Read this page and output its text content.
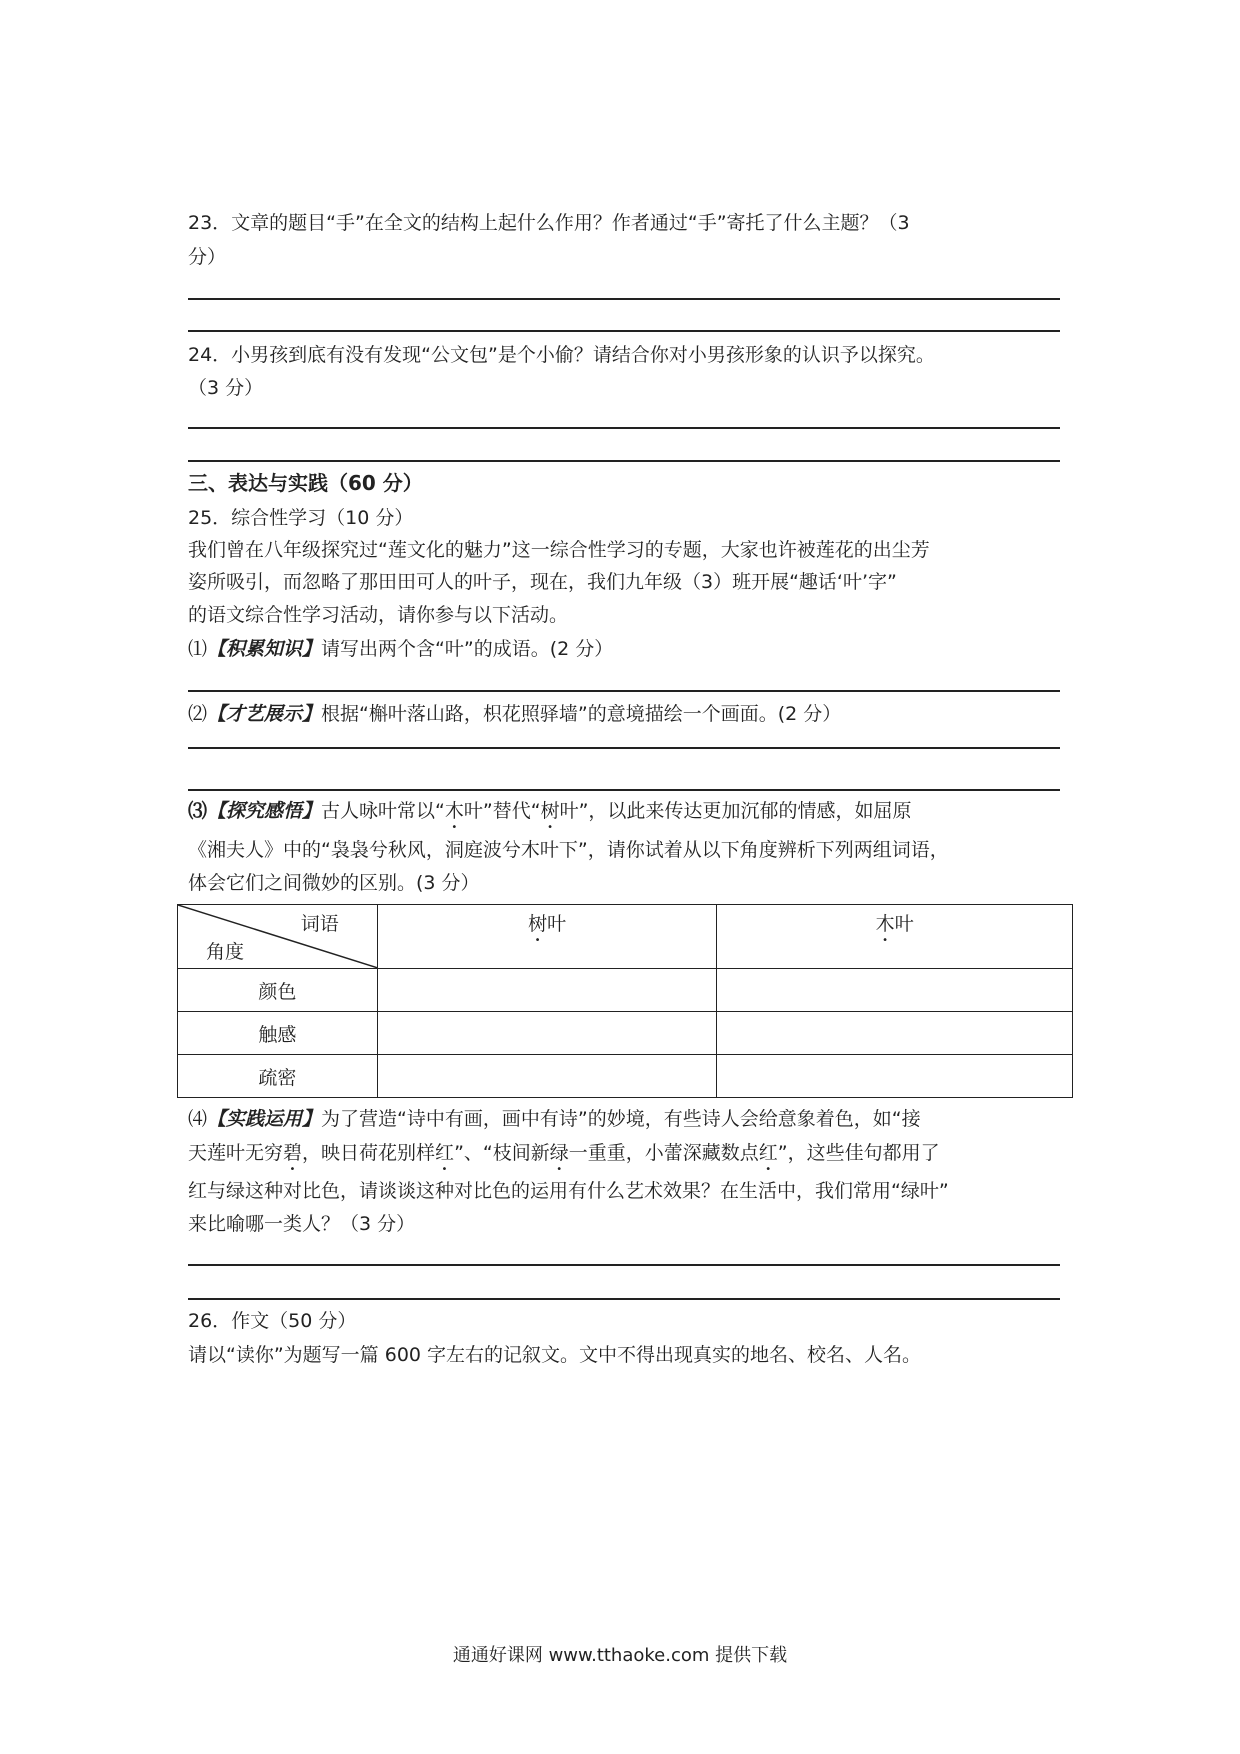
23．文章的题目“手”在全文的结构上起什么作用？作者通过“手”寄托了什么主题？（3
分）
24．小男孩到底有没有发现“公文包”是个小偷？请结合你对小男孩形象的认识予以探究。
（3 分）
三、表达与实践（60 分）
25．综合性学习（10 分）
我们曾在八年级探究过“莲文化的魅力”这一综合性学习的专题，大家也许被莲花的出尘芳
姿所吸引，而忽略了那田田可人的叶子，现在，我们九年级（3）班开展“趣话‘叶’字”
的语文综合性学习活动，请你参与以下活动。
⑴【积累知识】请写出两个含“叶”的成语。(2 分）
⑵【才艺展示】根据“槲叶落山路，枳花照驿墙”的意境描绘一个画面。(2 分）
⑶【探究感悟】古人咏叶常以“木叶”替代“树叶”，以此来传达更加沉郁的情感，如屈原
《湘夫人》中的“袅袅兮秋风，洞庭波兮木叶下”，请你试着从以下角度辨析下列两组词语，
体会它们之间微妙的区别。(3 分）
词语
角度	树叶	木叶
颜色		
触感		
疏密		
⑷【实践运用】为了营造“诗中有画，画中有诗”的妙境，有些诗人会给意象着色，如“接
天莲叶无穷碧，映日荷花别样红”、“枝间新绿一重重，小蕾深藏数点红”，这些佳句都用了
红与绿这种对比色，请谈谈这种对比色的运用有什么艺术效果？在生活中，我们常用“绿叶”
来比喻哪一类人？（3 分）
26．作文（50 分）
请以“读你”为题写一篇 600 字左右的记叙文。文中不得出现真实的地名、校名、人名。
通通好课网 www.tthaoke.com 提供下载
